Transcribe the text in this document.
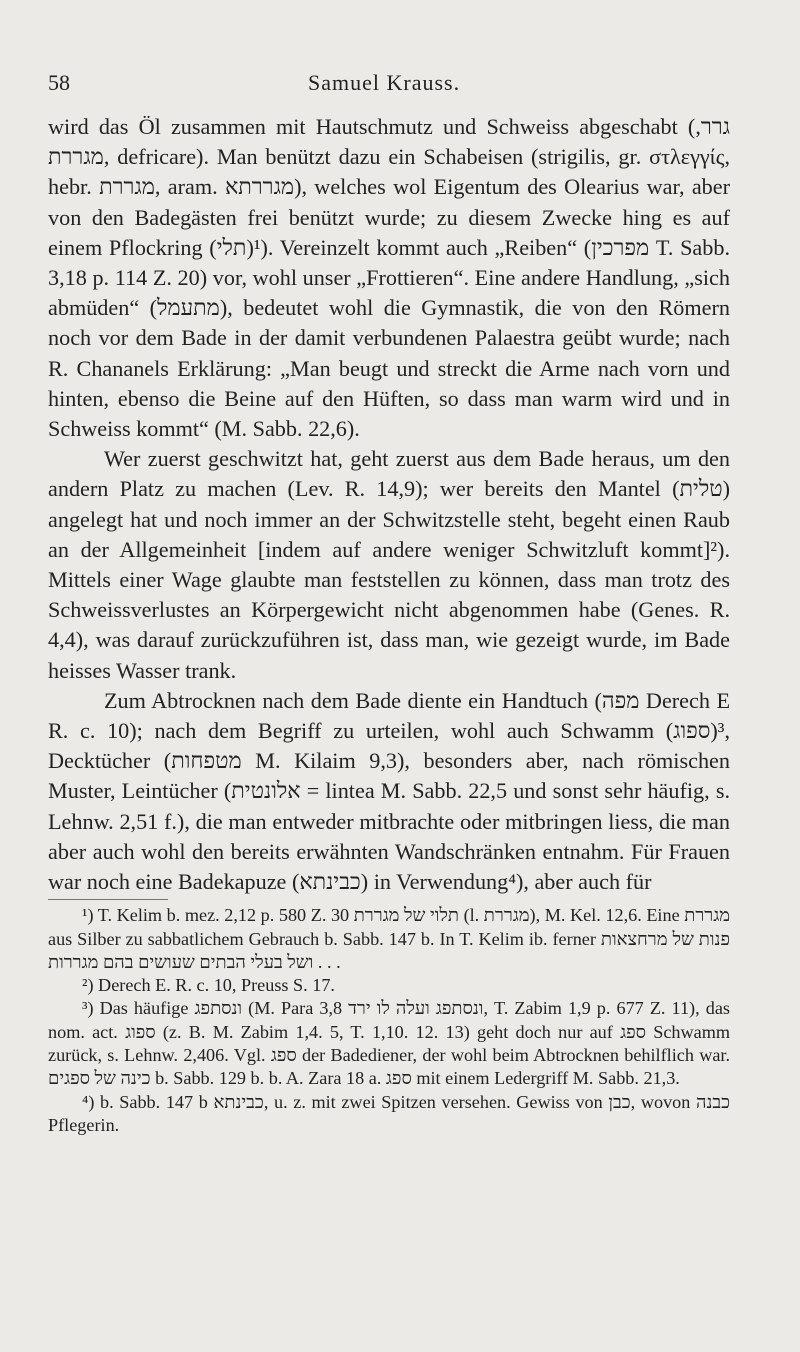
58	Samuel Krauss.

wird das Öl zusammen mit Hautschmutz und Schweiss abgeschabt (גרר, מגררת, defricare). Man benützt dazu ein Schabeisen (strigilis, gr. στλεγγίς, hebr. מגררת, aram. מגררתא), welches wol Eigentum des Olearius war, aber von den Badegästen frei benützt wurde; zu diesem Zwecke hing es auf einem Pflockring (תלי)¹). Vereinzelt kommt auch „Reiben“ (מפרכין T. Sabb. 3,18 p. 114 Z. 20) vor, wohl unser „Frottieren“. Eine andere Handlung, „sich abmüden“ (מתעמל), bedeutet wohl die Gymnastik, die von den Römern noch vor dem Bade in der damit verbundenen Palaestra geübt wurde; nach R. Chananels Erklärung: „Man beugt und streckt die Arme nach vorn und hinten, ebenso die Beine auf den Hüften, so dass man warm wird und in Schweiss kommt“ (M. Sabb. 22,6).

Wer zuerst geschwitzt hat, geht zuerst aus dem Bade heraus, um den andern Platz zu machen (Lev. R. 14,9); wer bereits den Mantel (טלית) angelegt hat und noch immer an der Schwitzstelle steht, begeht einen Raub an der Allgemeinheit [indem auf andere weniger Schwitzluft kommt]²). Mittels einer Wage glaubte man feststellen zu können, dass man trotz des Schweissverlustes an Körpergewicht nicht abgenommen habe (Genes. R. 4,4), was darauf zurückzuführen ist, dass man, wie gezeigt wurde, im Bade heisses Wasser trank.

Zum Abtrocknen nach dem Bade diente ein Handtuch (מפה Derech E R. c. 10); nach dem Begriff zu urteilen, wohl auch Schwamm (ספוג)³, Decktücher (מטפחות M. Kilaim 9,3), besonders aber, nach römischen Muster, Leintücher (אלונטית = lintea M. Sabb. 22,5 und sonst sehr häufig, s. Lehnw. 2,51 f.), die man entweder mitbrachte oder mitbringen liess, die man aber auch wohl den bereits erwähnten Wandschränken entnahm. Für Frauen war noch eine Badekapuze (כבינתא) in Verwendung⁴), aber auch für

¹) T. Kelim b. mez. 2,12 p. 580 Z. 30 תלוי של מגררת (l. מגררת), M. Kel. 12,6. Eine מגררת aus Silber zu sabbatlichem Gebrauch b. Sabb. 147 b. In T. Kelim ib. ferner פנות של מרחצאות ושל בעלי הבתים שעושים בהם מגררות . . .

²) Derech E. R. c. 10, Preuss S. 17.

³) Das häufige ונסתפג (M. Para 3,8 ונסתפג ועלה לו ירד, T. Zabim 1,9 p. 677 Z. 11), das nom. act. ספוג (z. B. M. Zabim 1,4. 5, T. 1,10. 12. 13) geht doch nur auf ספג Schwamm zurück, s. Lehnw. 2,406. Vgl. ספג der Badediener, der wohl beim Abtrocknen behilflich war. כינה של ספגים b. Sabb. 129 b. b. A. Zara 18 a. ספג mit einem Ledergriff M. Sabb. 21,3.

⁴) b. Sabb. 147 b כבינתא, u. z. mit zwei Spitzen versehen. Gewiss von כבן, wovon כבנה Pflegerin.
